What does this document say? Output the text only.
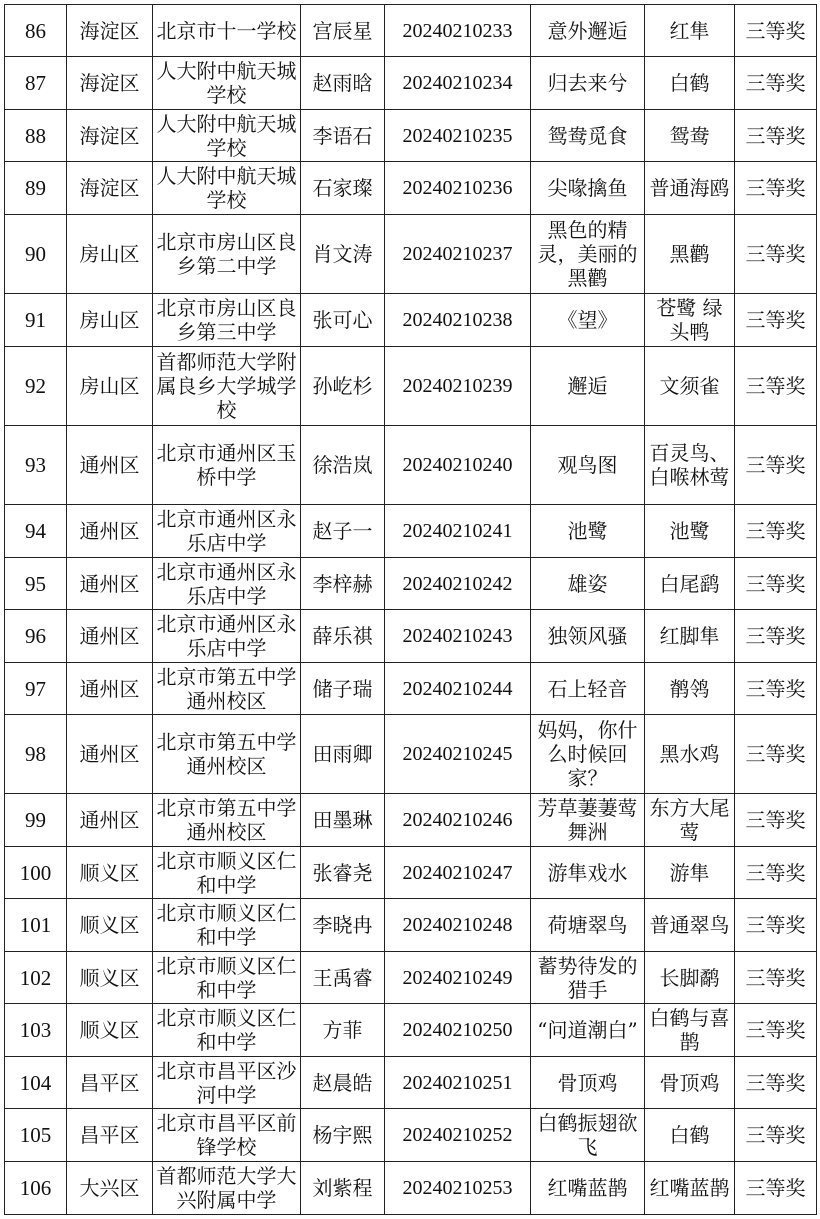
86	海淀区	北京市十一学校	宫辰星	20240210233	意外邂逅	红隼	三等奖
87	海淀区	人大附中航天城学校	赵雨晗	20240210234	归去来兮	白鹤	三等奖
88	海淀区	人大附中航天城学校	李语石	20240210235	鸳鸯觅食	鸳鸯	三等奖
89	海淀区	人大附中航天城学校	石家璨	20240210236	尖喙擒鱼	普通海鸥	三等奖
90	房山区	北京市房山区良乡第二中学	肖文涛	20240210237	黑色的精灵，美丽的黑鹳	黑鹳	三等奖
91	房山区	北京市房山区良乡第三中学	张可心	20240210238	《望》	苍鹭 绿头鸭	三等奖
92	房山区	首都师范大学附属良乡大学城学校	孙屹杉	20240210239	邂逅	文须雀	三等奖
93	通州区	北京市通州区玉桥中学	徐浩岚	20240210240	观鸟图	百灵鸟、白喉林莺	三等奖
94	通州区	北京市通州区永乐店中学	赵子一	20240210241	池鹭	池鹭	三等奖
95	通州区	北京市通州区永乐店中学	李梓赫	20240210242	雄姿	白尾鹞	三等奖
96	通州区	北京市通州区永乐店中学	薛乐祺	20240210243	独领风骚	红脚隼	三等奖
97	通州区	北京市第五中学通州校区	储子瑞	20240210244	石上轻音	鹡鸰	三等奖
98	通州区	北京市第五中学通州校区	田雨卿	20240210245	妈妈，你什么时候回家？	黑水鸡	三等奖
99	通州区	北京市第五中学通州校区	田墨琳	20240210246	芳草萋萋莺舞洲	东方大尾莺	三等奖
100	顺义区	北京市顺义区仁和中学	张睿尧	20240210247	游隼戏水	游隼	三等奖
101	顺义区	北京市顺义区仁和中学	李晓冉	20240210248	荷塘翠鸟	普通翠鸟	三等奖
102	顺义区	北京市顺义区仁和中学	王禹睿	20240210249	蓄势待发的猎手	长脚鹬	三等奖
103	顺义区	北京市顺义区仁和中学	方菲	20240210250	“问道潮白”	白鹤与喜鹊	三等奖
104	昌平区	北京市昌平区沙河中学	赵晨皓	20240210251	骨顶鸡	骨顶鸡	三等奖
105	昌平区	北京市昌平区前锋学校	杨宇熙	20240210252	白鹤振翅欲飞	白鹤	三等奖
106	大兴区	首都师范大学大兴附属中学	刘紫程	20240210253	红嘴蓝鹊	红嘴蓝鹊	三等奖
